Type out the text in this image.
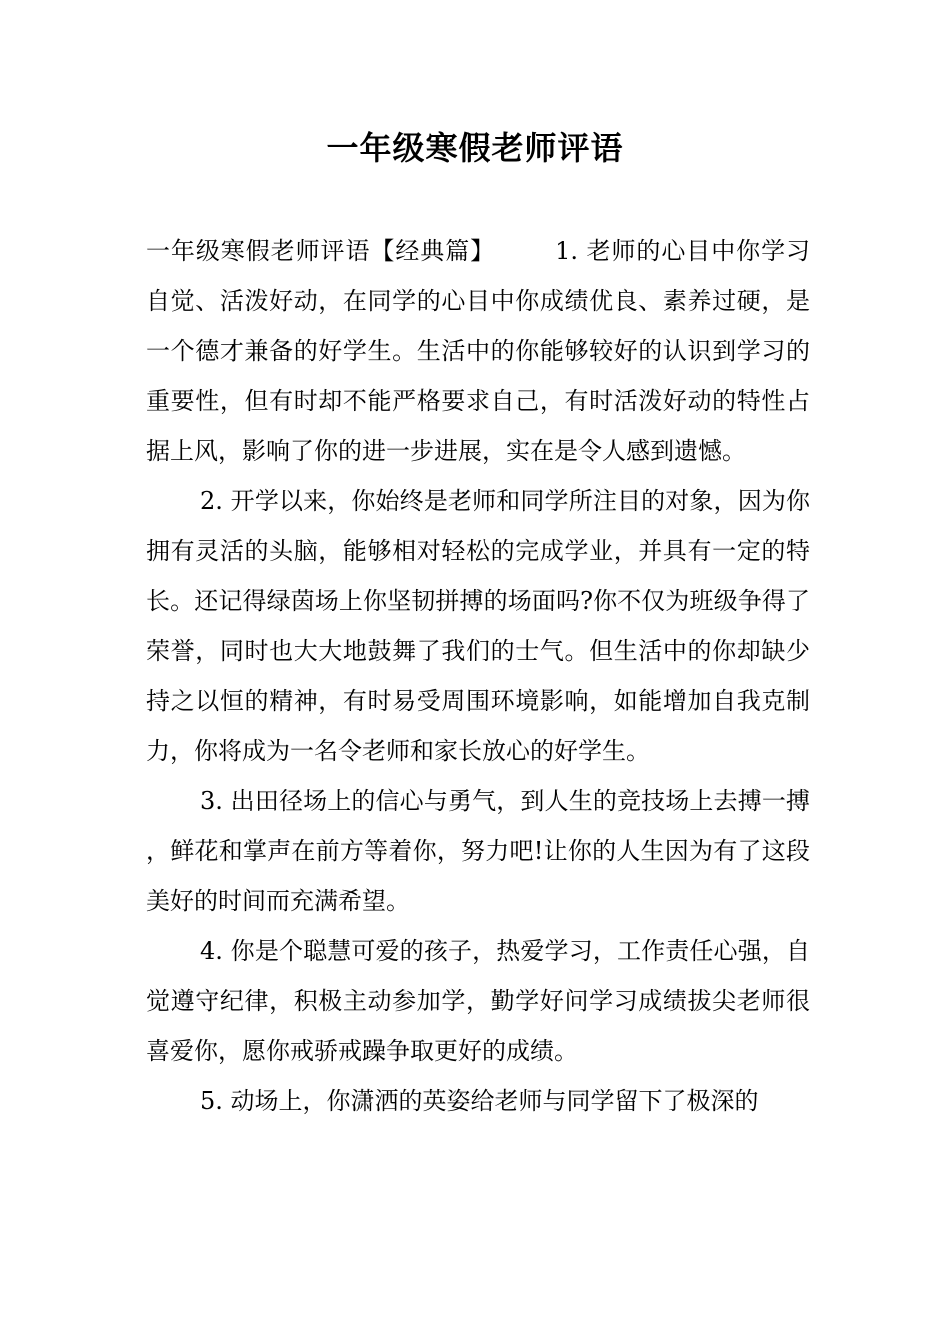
一年级寒假老师评语

一年级寒假老师评语【经典篇】	1. 老师的心目中你学习自觉、活泼好动，在同学的心目中你成绩优良、素养过硬，是一个德才兼备的好学生。生活中的你能够较好的认识到学习的重要性，但有时却不能严格要求自己，有时活泼好动的特性占据上风，影响了你的进一步进展，实在是令人感到遗憾。

2. 开学以来，你始终是老师和同学所注目的对象，因为你拥有灵活的头脑，能够相对轻松的完成学业，并具有一定的特长。还记得绿茵场上你坚韧拼搏的场面吗?你不仅为班级争得了荣誉，同时也大大地鼓舞了我们的士气。但生活中的你却缺少持之以恒的精神，有时易受周围环境影响，如能增加自我克制力，你将成为一名令老师和家长放心的好学生。

3. 出田径场上的信心与勇气，到人生的竞技场上去搏一搏，鲜花和掌声在前方等着你，努力吧!让你的人生因为有了这段美好的时间而充满希望。

4. 你是个聪慧可爱的孩子，热爱学习，工作责任心强，自觉遵守纪律，积极主动参加学，勤学好问学习成绩拔尖老师很喜爱你，愿你戒骄戒躁争取更好的成绩。

5. 动场上，你潇洒的英姿给老师与同学留下了极深的
